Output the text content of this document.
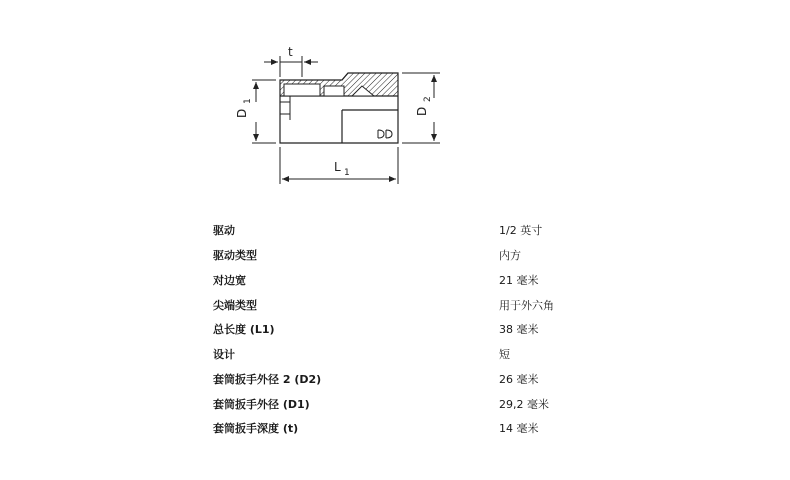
D
1
D
2
t
L 1
驱动	1/2 英寸
驱动类型	内方
对边宽	21 毫米
尖端类型	用于外六角
总长度 (L1)	38 毫米
设计	短
套筒扳手外径 2 (D2)	26 毫米
套筒扳手外径 (D1)	29,2 毫米
套筒扳手深度 (t)	14 毫米
